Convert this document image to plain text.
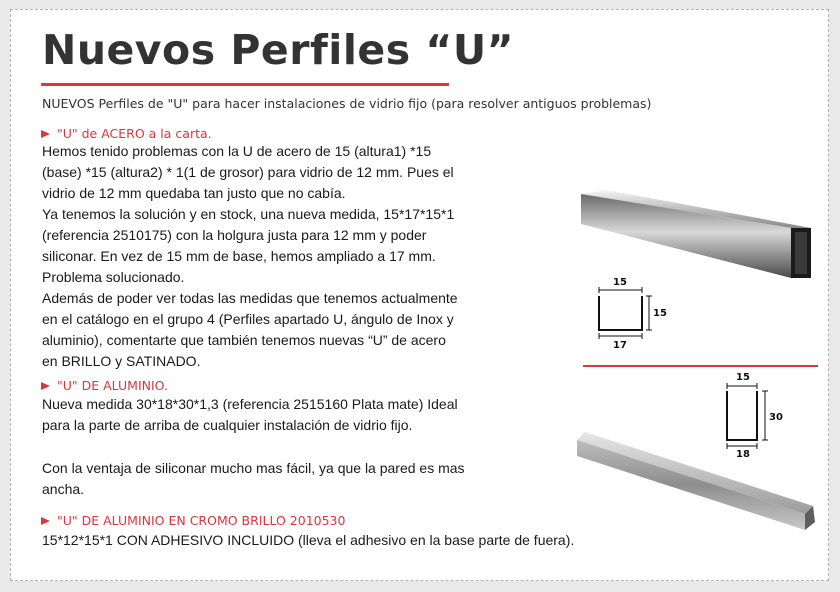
Nuevos Perfiles “U”
NUEVOS Perfiles de "U" para hacer instalaciones de vidrio fijo (para resolver antiguos problemas)
"U" de ACERO a la carta.
Hemos tenido problemas con la U de acero de 15 (altura1) *15
(base) *15 (altura2) * 1(1 de grosor) para vidrio de 12 mm. Pues el
vidrio de 12 mm quedaba tan justo que no cabía.
Ya tenemos la solución y en stock, una nueva medida, 15*17*15*1
(referencia 2510175) con la holgura justa para 12 mm y poder
siliconar. En vez de 15 mm de base, hemos ampliado a 17 mm.
Problema solucionado.
Además de poder ver todas las medidas que tenemos actualmente
en el catálogo en el grupo 4 (Perfiles apartado U, ángulo de Inox y
aluminio), comentarte que también tenemos nuevas “U” de acero
en BRILLO y SATINADO.
"U" DE ALUMINIO.
Nueva medida 30*18*30*1,3 (referencia 2515160 Plata mate) Ideal
para la parte de arriba de cualquier instalación de vidrio fijo.
Con la ventaja de siliconar mucho mas fácil, ya que la pared es mas
ancha.
"U" DE ALUMINIO EN CROMO BRILLO 2010530
15*12*15*1 CON ADHESIVO INCLUIDO (lleva el adhesivo en la base parte de fuera).
15
15
17
15
30
18
